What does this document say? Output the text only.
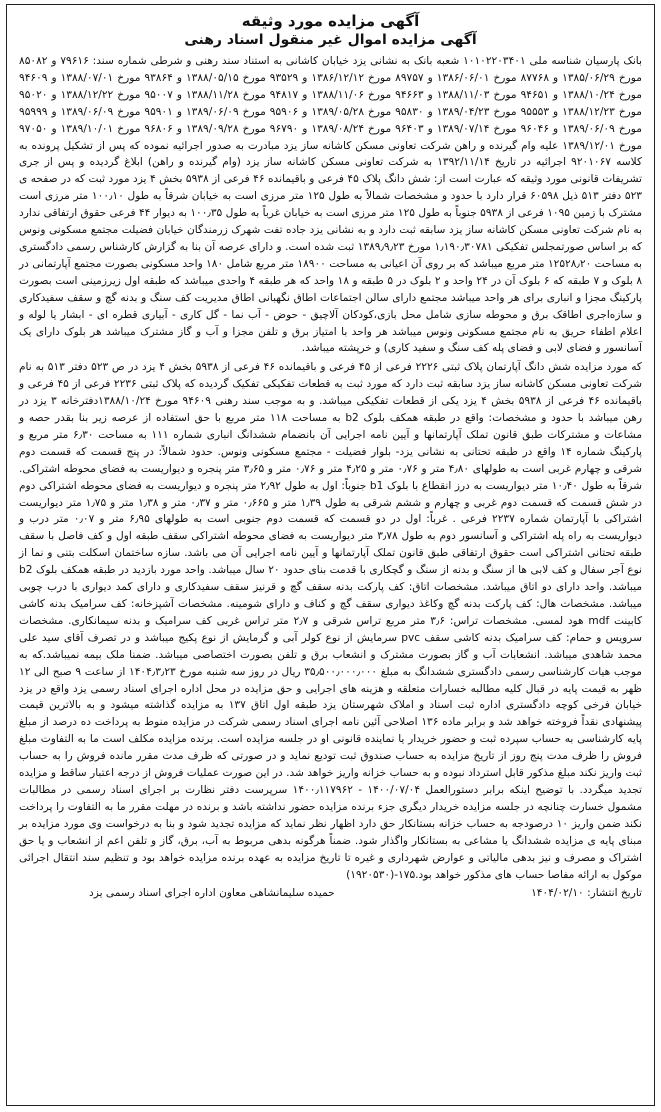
آگهی مزایده مورد وثیقه
آگهی مزایده اموال غیر منقول اسناد رهنی

بانک پارسیان شناسه ملی ۱۰۱۰۲۲۰۳۴۰۱ شعبه بانک به نشانی یزد خیابان کاشانی به استناد سند رهنی و شرطی شماره سند: ۷۹۶۱۶ و ۸۵۰۸۲ مورخ ۱۳۸۵/۰۶/۲۹ و ۸۷۷۶۸ مورخ ۱۳۸۶/۰۶/۰۱ و ۸۹۷۵۷ مورخ ۱۳۸۶/۱۲/۱۲ و ۹۳۵۲۹ مورخ ۱۳۸۸/۰۵/۱۵ و ۹۳۸۶۴ مورخ ۱۳۸۸/۰۷/۰۱ و ۹۴۶۰۹ مورخ ۱۳۸۸/۱۰/۲۴ و ۹۴۶۵۱ مورخ ۱۳۸۸/۱۱/۰۳ و ۹۴۶۶۳ مورخ ۱۳۸۸/۱۱/۰۶ و ۹۴۸۱۷ مورخ ۱۳۸۸/۱۱/۲۸ و ۹۵۰۰۷ مورخ ۱۳۸۸/۱۲/۲۲ و ۹۵۰۲۰ مورخ ۱۳۸۸/۱۲/۲۳ و ۹۵۵۵۳ مورخ ۱۳۸۹/۰۴/۲۳ و ۹۵۸۳۰ مورخ ۱۳۸۹/۰۵/۲۸ و ۹۵۹۰۶ مورخ ۱۳۸۹/۰۶/۰۹ و ۹۵۹۰۱ مورخ ۱۳۸۹/۰۶/۰۹ و ۹۵۹۹۹ مورخ ۱۳۸۹/۰۶/۰۹ و ۹۶۰۴۶ مورخ ۱۳۸۹/۰۷/۱۴ و ۹۶۴۰۳ مورخ ۱۳۸۹/۰۸/۲۴ و ۹۶۷۹۰ مورخ ۱۳۸۹/۰۹/۲۸ و ۹۶۸۰۶ مورخ ۱۳۸۹/۱۰/۰۱ و ۹۷۰۵۰ مورخ ۱۳۸۹/۱۲/۰۱ علیه وام گیرنده و راهن شرکت تعاونی مسکن کاشانه ساز یزد مبادرت به صدور اجرائیه نموده که پس از تشکیل پرونده به کلاسه ۹۲۰۱۰۶۷ اجرائیه در تاریخ ۱۳۹۲/۱۱/۱۴ به شرکت تعاونی مسکن کاشانه ساز یزد (وام گیرنده و راهن) ابلاغ گردیده و پس از جری تشریفات قانونی مورد وثیقه که عبارت است از: شش دانگ پلاک ۴۵ فرعی و باقیمانده ۴۶ فرعی از ۵۹۳۸ بخش ۴ یزد مورد ثبت که در صفحه ی ۵۲۳ دفتر ۵۱۳ ذیل ۶۰۵۹۸ قرار دارد با حدود و مشخصات شمالاً به طول ۱۲۵ متر مرزی است به خیابان شرقاً به طول ۱۰۰٫۱۰ متر مرزی است مشترک با زمین ۱۰۹۵ فرعی از ۵۹۳۸ جنوباً به طول ۱۲۵ متر مرزی است به خیابان غرباً به طول ۱۰۰٫۳۵ به دیوار ۴۴ فرعی حقوق ارتفاقی ندارد به نام شرکت تعاونی مسکن کاشانه ساز یزد سابقه ثبت دارد و به نشانی یزد جاده تفت شهرک زرمندگان خیابان فضیلت مجتمع مسکونی ونوس که بر اساس صورتمجلس تفکیکی ۱٫۱۹۰٫۳۰۷۸۱ مورخ ۱۳۸۹٫۹٫۲۳ ثبت شده است. و دارای عرصه آن بنا به گزارش کارشناس رسمی دادگستری به مساحت ۱۲۵۲۸٫۲۰ متر مربع میباشد که بر روی آن اعیانی به مساحت ۱۸۹۰۰ متر مربع شامل ۱۸۰ واحد مسکونی بصورت مجتمع آپارتمانی در ۸ بلوک و ۷ طبقه که ۶ بلوک آن در ۲۴ واحد و ۲ بلوک در ۵ طبقه و ۱۸ واحد که هر طبقه ۴ واحدی میباشد که طبقه اول زیرزمینی است بصورت پارکینگ مجزا و انباری برای هر واحد میباشد مجتمع دارای سالن اجتماعات اطاق نگهبانی اطاق مدیریت کف سنگ و بدنه گچ و سقف سفیدکاری و سازه‌اجری اطاقک برق و محوطه سازی شامل محل بازی،کودکان آلاچیق - حوض - آب نما - گل کاری - آبیاری قطره ای - ابشار یا لوله و اعلام اطفاء حریق به نام مجتمع مسکونی ونوس میباشد هر واحد با امتیاز برق و تلفن مجزا و آب و گاز مشترک میباشد هر بلوک دارای یک آسانسور و فضای لابی و فضای پله کف سنگ و سفید کاری) و خرپشته میباشد.

که مورد مزایده شش دانگ آپارتمان پلاک ثبتی ۲۲۲۶ فرعی از ۴۵ فرعی و باقیمانده ۴۶ فرعی از ۵۹۳۸ بخش ۴ یزد در ص ۵۲۳ دفتر ۵۱۳ به نام شرکت تعاونی مسکن کاشانه ساز یزد سابقه ثبت دارد که مورد ثبت به قطعات تفکیکی تفکیک گردیده که پلاک ثبتی ۲۲۳۶ فرعی از ۴۵ فرعی و باقیمانده ۴۶ فرعی از ۵۹۳۸ بخش ۴ یزد یکی از قطعات تفکیکی میباشد. و به موجب سند رهنی ۹۴۶۰۹ مورخ ۱۳۸۸/۱۰/۲۴دفترخانه ۳ یزد در رهن میباشد با حدود و مشخصات: واقع در طبقه همکف بلوک b2 به مساحت ۱۱۸ متر مربع با حق استفاده از عرصه زیر بنا بقدر حصه و مشاعات و مشترکات طبق قانون تملک آپارتمانها و آیین نامه اجرایی آن بانضمام ششدانگ انباری شماره ۱۱۱ به مساحت ۶٫۳۰ متر مربع و پارکینگ شماره ۱۴ واقع در طبقه تحتانی به نشانی یزد- بلوار فضیلت - مجتمع مسکونی ونوس. حدود شمالاً: در پنج قسمت که قسمت دوم شرقی و چهارم غربی است به طولهای ۴٫۸۰ متر و ۰٫۷۶ متر و ۴٫۲۵ متر و ۰٫۷۶ متر و ۳٫۶۵ متر پنجره و دیواریست به فضای محوطه اشتراکی. شرقاً به طول ۱۰٫۴۰ متر دیواریست به درز انقطاع با بلوک b1 جنوباً: اول به طول ۲٫۹۲ متر پنجره و دیواریست به فضای محوطه اشتراکی دوم در شش قسمت که قسمت دوم غربی و چهارم و ششم شرقی به طول ۱٫۳۹ متر و ۰٫۶۶۵ متر و ۰٫۳۷ متر و ۱٫۳۸ متر و ۱٫۷۵ متر دیواریست اشتراکی با آپارتمان شماره ۲۲۳۷ فرعی . غرباً: اول در دو قسمت که قسمت دوم جنوبی است به طولهای ۶٫۹۵ متر و ۰٫۰۷ متر درب و دیواریست به راه پله اشتراکی و آسانسور دوم به طول ۳٫۷۸ متر دیواریست به فضای محوطه اشتراکی سقف طبقه اول و کف فاصل با سقف طبقه تحتانی اشتراکی است حقوق ارتفاقی طبق قانون تملک آپارتمانها و آیین نامه اجرایی آن می باشد. سازه ساختمان اسکلت بتنی و نما از نوع آجر سفال و کف لابی ها از سنگ و بدنه از سنگ و گچکاری با قدمت بنای حدود ۲۰ سال میباشد. واحد مورد بازدید در طبقه همکف بلوک b2 میباشد. واحد دارای دو اتاق میباشد. مشخصات اتاق: کف پارکت بدنه سقف گچ و قرنیز سقف سفیدکاری و دارای کمد دیواری با درب چوبی میباشد. مشخصات هال: کف پارکت بدنه گچ وکاغذ دیواری سقف گچ و کناف و دارای شومینه. مشخصات آشپزخانه: کف سرامیک بدنه کاشی کابینت mdf هود لمسی. مشخصات تراس: ۳٫۶ متر مربع تراس شرقی و ۲٫۷ متر تراس غربی کف سرامیک و بدنه سیمانکاری. مشخصات سرویس و حمام: کف سرامیک بدنه کاشی سقف pvc سرمایش از نوع کولر آبی و گرمایش از نوع پکیج میباشد و در تصرف آقای سید علی محمد شاهدی میباشد. انشعابات آب و گاز بصورت مشترک و انشعاب برق و تلفن بصورت اختصاصی میباشد. ضمنا ملک بیمه نمیباشد.که به موجب هیات کارشناسی رسمی دادگستری ششدانگ به مبلغ ۳۵٫۵۰۰٫۰۰۰٫۰۰۰ ریال در روز سه شنبه مورخ ۱۴۰۴٫۳٫۲۳ از ساعت ۹ صبح الی ۱۲ ظهر به قیمت پایه در قبال کلیه مطالبه خسارات متعلقه و هزینه های اجرایی و حق مزایده در محل اداره اجرای اسناد رسمی یزد واقع در یزد خیابان فرخی کوچه دادگستری اداره ثبت اسناد و املاک شهرستان یزد طبقه اول اتاق ۱۳۷ به مزایده گذاشته میشود و به بالاترین قیمت پیشنهادی نقداً فروخته خواهد شد و برابر ماده ۱۳۶ اصلاحی آئین نامه اجرای اسناد رسمی شرکت در مزایده منوط به پرداخت ده درصد از مبلغ پایه کارشناسی به حساب سپرده ثبت و حضور خریدار یا نماینده قانونی او در جلسه مزایده است. برنده مزایده مکلف است ما به التفاوت مبلغ فروش را ظرف مدت پنج روز از تاریخ مزایده به حساب صندوق ثبت تودیع نماید و در صورتی که ظرف مدت مقرر مانده فروش را به حساب ثبت واریز نکند مبلغ مذکور قابل استرداد نبوده و به حساب خزانه واریز خواهد شد. در این صورت عملیات فروش از درجه اعتبار ساقط و مزایده تجدید میگردد. با توضیح اینکه برابر دستورالعمل ۱۴۰۰/۰۷/۰۴ - ۱۴۰۰٫۱۱۷۹۶۲ سرپرست دفتر نظارت بر اجرای اسناد رسمی در مطالبات مشمول خسارت چنانچه در جلسه مزایده خریدار دیگری جزء برنده مزایده حضور نداشته باشد و برنده در مهلت مقرر ما به التفاوت را پرداخت نکند ضمن واریز ۱۰ درصودجه به حساب خزانه بستانکار حق دارد اظهار نظر نماید که مزایده تجدید شود و بنا به درخواست وی مورد مزایده بر مبنای پایه ی مزایده ششدانگ یا مشاعی به بستانکار واگذار شود. ضمناً هرگونه بدهی مربوط به آب، برق، گاز و تلفن اعم از انشعاب و یا حق اشتراک و مصرف و نیز بدهی مالیاتی و عوارض شهرداری و غیره تا تاریخ مزایده به عهده برنده مزایده خواهد بود و تنظیم سند انتقال اجرائی موکول به ارائه مفاصا حساب های مذکور خواهد بود.۱۷۵-(۱۹۲۰۵۳۰)

تاریخ انتشار: ۱۴۰۴/۰۲/۱۰
حمیده سلیمانشاهی معاون اداره اجرای اسناد رسمی یزد
